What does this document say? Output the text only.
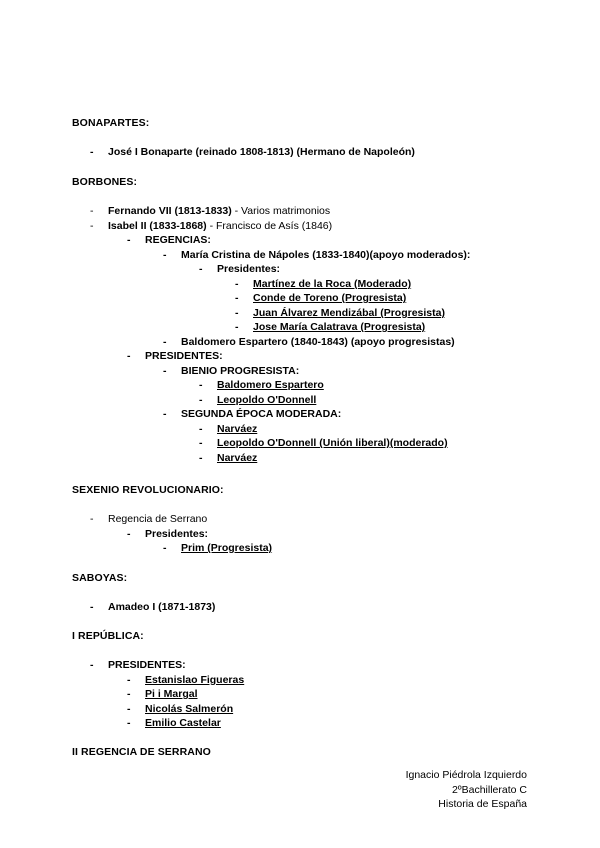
BONAPARTES:
-	José I Bonaparte (reinado 1808-1813) (Hermano de Napoleón)
BORBONES:
-	Fernando VII (1813-1833) - Varios matrimonios
-	Isabel II (1833-1868) - Francisco de Asís (1846)
-	REGENCIAS:
-	María Cristina de Nápoles (1833-1840)(apoyo moderados):
-	Presidentes:
-	Martínez de la Roca (Moderado)
-	Conde de Toreno (Progresista)
-	Juan Álvarez Mendizábal (Progresista)
-	Jose María Calatrava (Progresista)
-	Baldomero Espartero (1840-1843) (apoyo progresistas)
-	PRESIDENTES:
-	BIENIO PROGRESISTA:
-	Baldomero Espartero
-	Leopoldo O'Donnell
-	SEGUNDA ÉPOCA MODERADA:
-	Narváez
-	Leopoldo O'Donnell (Unión liberal)(moderado)
-	Narváez
SEXENIO REVOLUCIONARIO:
-	Regencia de Serrano
-	Presidentes:
-	Prim (Progresista)
SABOYAS:
-	Amadeo I (1871-1873)
I REPÚBLICA:
-	PRESIDENTES:
-	Estanislao Figueras
-	Pi i Margal
-	Nicolás Salmerón
-	Emilio Castelar
II REGENCIA DE SERRANO
Ignacio Piédrola Izquierdo
2ºBachillerato C
Historia de España
